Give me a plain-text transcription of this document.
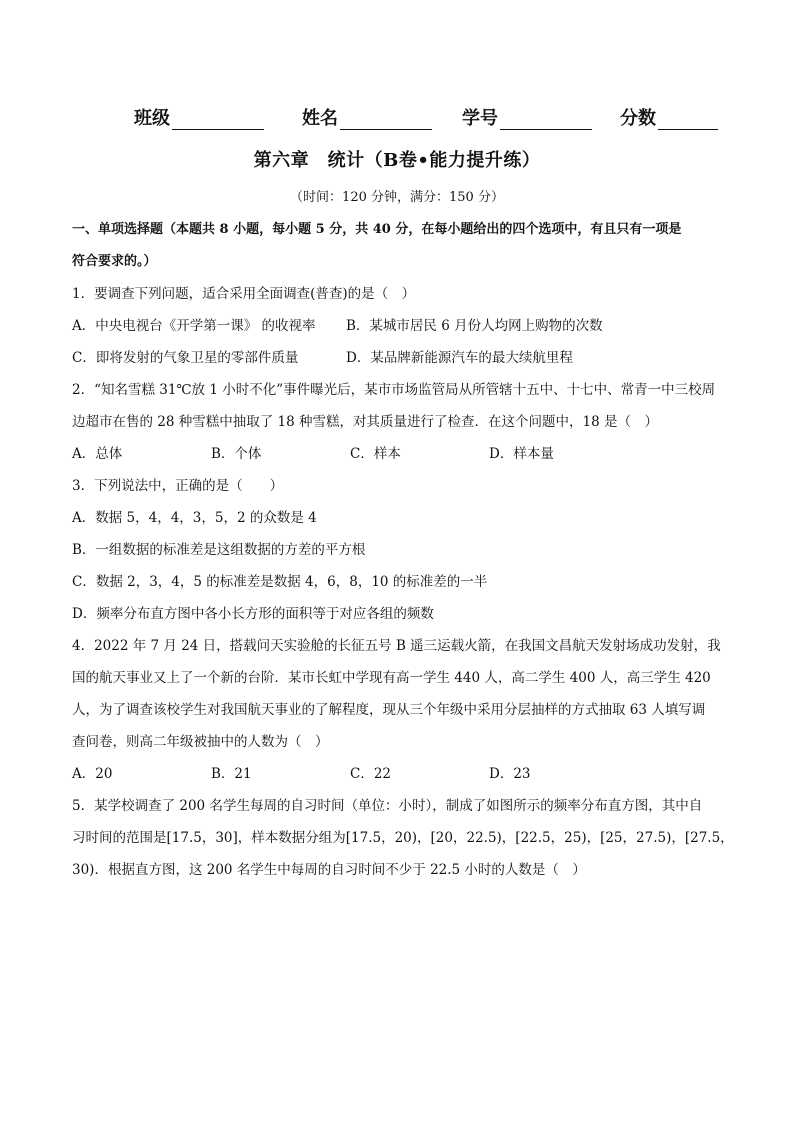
班级	姓名	学号	分数
第六章　统计（B卷•能力提升练）
（时间：120 分钟，满分：150 分）
一、单项选择题（本题共 8 小题，每小题 5 分，共 40 分，在每小题给出的四个选项中，有且只有一项是
符合要求的。）
1．要调查下列问题，适合采用全面调查(普查)的是（　）
A．中央电视台《开学第一课》 的收视率	B．某城市居民 6 月份人均网上购物的次数
C．即将发射的气象卫星的零部件质量	D．某品牌新能源汽车的最大续航里程
2．“知名雪糕 31℃放 1 小时不化”事件曝光后，某市市场监管局从所管辖十五中、十七中、常青一中三校周
边超市在售的 28 种雪糕中抽取了 18 种雪糕，对其质量进行了检查．在这个问题中，18 是（　）
A．总体	B．个体	C．样本	D．样本量
3．下列说法中，正确的是（　　）
A．数据 5，4，4，3，5，2 的众数是 4
B．一组数据的标准差是这组数据的方差的平方根
C．数据 2，3，4，5 的标准差是数据 4，6，8，10 的标准差的一半
D．频率分布直方图中各小长方形的面积等于对应各组的频数
4．2022 年 7 月 24 日，搭载问天实验舱的长征五号 B 遥三运载火箭，在我国文昌航天发射场成功发射，我
国的航天事业又上了一个新的台阶．某市长虹中学现有高一学生 440 人，高二学生 400 人，高三学生 420
人，为了调查该校学生对我国航天事业的了解程度，现从三个年级中采用分层抽样的方式抽取 63 人填写调
查问卷，则高二年级被抽中的人数为（　）
A．20	B．21	C．22	D．23
5．某学校调查了 200 名学生每周的自习时间（单位：小时），制成了如图所示的频率分布直方图，其中自
习时间的范围是[17.5，30]，样本数据分组为[17.5，20)，[20，22.5)，[22.5，25)，[25，27.5)，[27.5，
30)．根据直方图，这 200 名学生中每周的自习时间不少于 22.5 小时的人数是（　）
